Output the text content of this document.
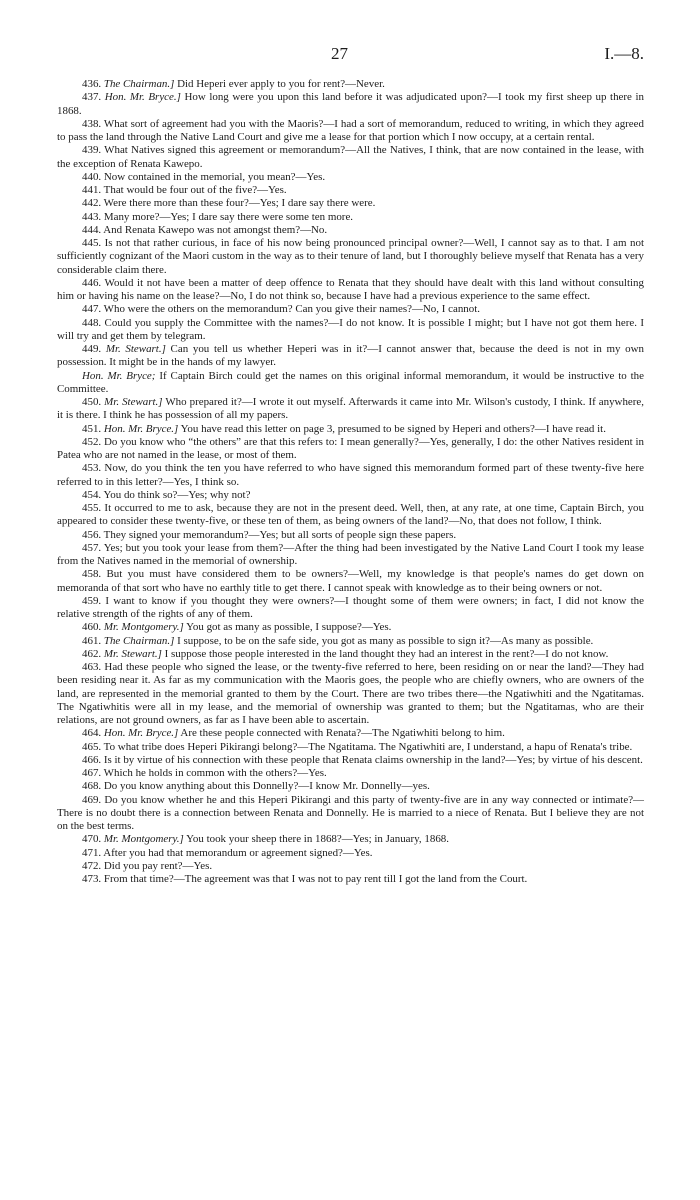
27	I.—8.

436. The Chairman.] Did Heperi ever apply to you for rent?—Never.

437. Hon. Mr. Bryce.] How long were you upon this land before it was adjudicated upon?—I took my first sheep up there in 1868.

438. What sort of agreement had you with the Maoris?—I had a sort of memorandum, reduced to writing, in which they agreed to pass the land through the Native Land Court and give me a lease for that portion which I now occupy, at a certain rental.

439. What Natives signed this agreement or memorandum?—All the Natives, I think, that are now contained in the lease, with the exception of Renata Kawepo.

440. Now contained in the memorial, you mean?—Yes.

441. That would be four out of the five?—Yes.

442. Were there more than these four?—Yes; I dare say there were.

443. Many more?—Yes; I dare say there were some ten more.

444. And Renata Kawepo was not amongst them?—No.

445. Is not that rather curious, in face of his now being pronounced principal owner?—Well, I cannot say as to that. I am not sufficiently cognizant of the Maori custom in the way as to their tenure of land, but I thoroughly believe myself that Renata has a very considerable claim there.

446. Would it not have been a matter of deep offence to Renata that they should have dealt with this land without consulting him or having his name on the lease?—No, I do not think so, because I have had a previous experience to the same effect.

447. Who were the others on the memorandum? Can you give their names?—No, I cannot.

448. Could you supply the Committee with the names?—I do not know. It is possible I might; but I have not got them here. I will try and get them by telegram.

449. Mr. Stewart.] Can you tell us whether Heperi was in it?—I cannot answer that, because the deed is not in my own possession. It might be in the hands of my lawyer.

Hon. Mr. Bryce; If Captain Birch could get the names on this original informal memorandum, it would be instructive to the Committee.

450. Mr. Stewart.] Who prepared it?—I wrote it out myself. Afterwards it came into Mr. Wilson's custody, I think. If anywhere, it is there. I think he has possession of all my papers.

451. Hon. Mr. Bryce.] You have read this letter on page 3, presumed to be signed by Heperi and others?—I have read it.

452. Do you know who “the others” are that this refers to: I mean generally?—Yes, generally, I do: the other Natives resident in Patea who are not named in the lease, or most of them.

453. Now, do you think the ten you have referred to who have signed this memorandum formed part of these twenty-five here referred to in this letter?—Yes, I think so.

454. You do think so?—Yes; why not?

455. It occurred to me to ask, because they are not in the present deed. Well, then, at any rate, at one time, Captain Birch, you appeared to consider these twenty-five, or these ten of them, as being owners of the land?—No, that does not follow, I think.

456. They signed your memorandum?—Yes; but all sorts of people sign these papers.

457. Yes; but you took your lease from them?—After the thing had been investigated by the Native Land Court I took my lease from the Natives named in the memorial of ownership.

458. But you must have considered them to be owners?—Well, my knowledge is that people's names do get down on memoranda of that sort who have no earthly title to get there. I cannot speak with knowledge as to their being owners or not.

459. I want to know if you thought they were owners?—I thought some of them were owners; in fact, I did not know the relative strength of the rights of any of them.

460. Mr. Montgomery.] You got as many as possible, I suppose?—Yes.

461. The Chairman.] I suppose, to be on the safe side, you got as many as possible to sign it?—As many as possible.

462. Mr. Stewart.] I suppose those people interested in the land thought they had an interest in the rent?—I do not know.

463. Had these people who signed the lease, or the twenty-five referred to here, been residing on or near the land?—They had been residing near it. As far as my communication with the Maoris goes, the people who are chiefly owners, who are owners of the land, are represented in the memorial granted to them by the Court. There are two tribes there—the Ngatiwhiti and the Ngatitamas. The Ngatiwhitis were all in my lease, and the memorial of ownership was granted to them; but the Ngatitamas, who are their relations, are not ground owners, as far as I have been able to ascertain.

464. Hon. Mr. Bryce.] Are these people connected with Renata?—The Ngatiwhiti belong to him.

465. To what tribe does Heperi Pikirangi belong?—The Ngatitama. The Ngatiwhiti are, I understand, a hapu of Renata's tribe.

466. Is it by virtue of his connection with these people that Renata claims ownership in the land?—Yes; by virtue of his descent.

467. Which he holds in common with the others?—Yes.

468. Do you know anything about this Donnelly?—I know Mr. Donnelly—yes.

469. Do you know whether he and this Heperi Pikirangi and this party of twenty-five are in any way connected or intimate?—There is no doubt there is a connection between Renata and Donnelly. He is married to a niece of Renata. But I believe they are not on the best terms.

470. Mr. Montgomery.] You took your sheep there in 1868?—Yes; in January, 1868.

471. After you had that memorandum or agreement signed?—Yes.

472. Did you pay rent?—Yes.

473. From that time?—The agreement was that I was not to pay rent till I got the land from the Court.
